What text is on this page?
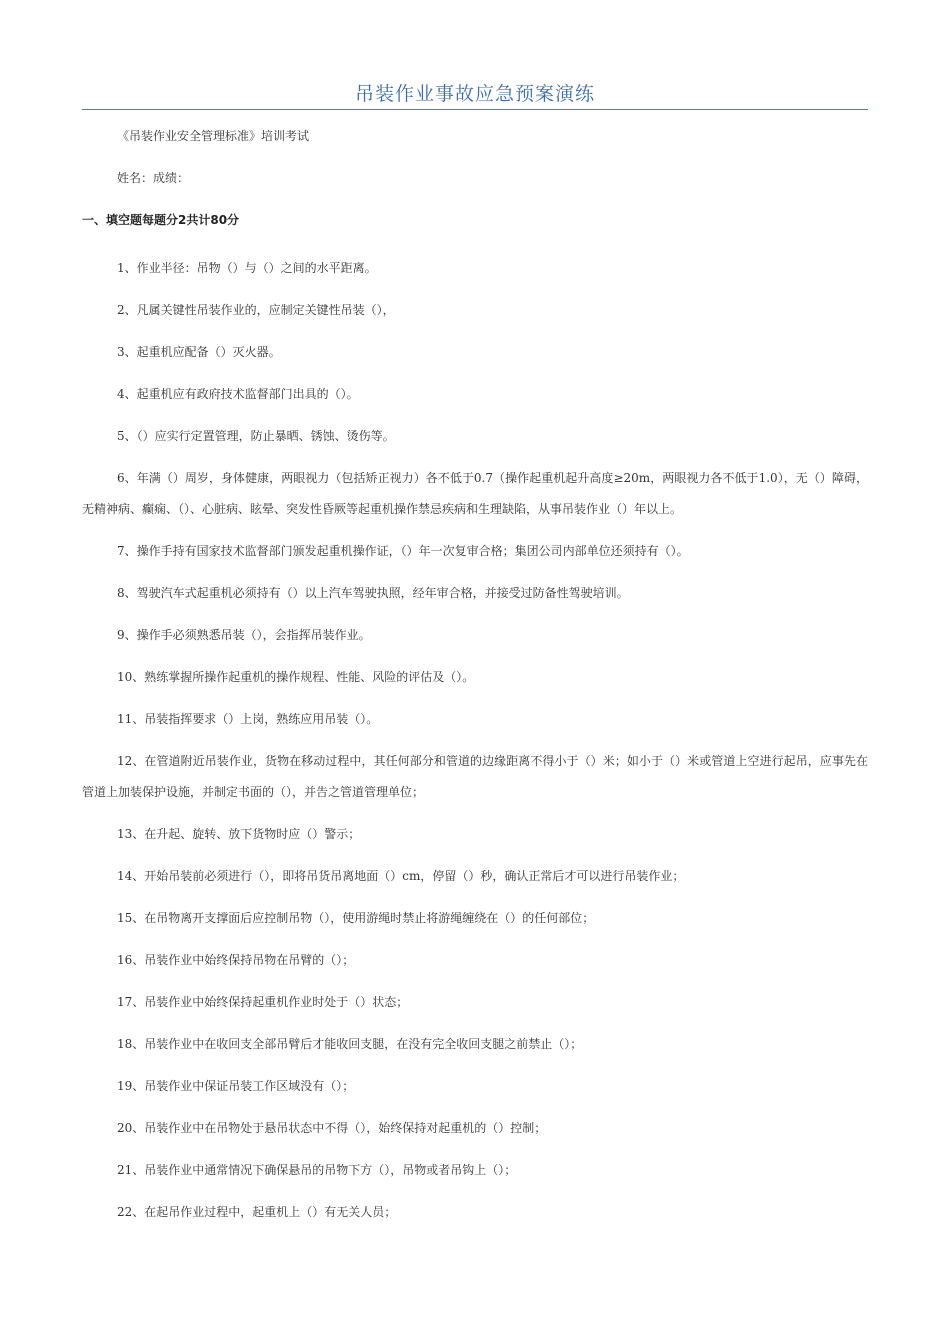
吊装作业事故应急预案演练
《吊装作业安全管理标准》培训考试
姓名：成绩：
一、填空题每题分2共计80分
1、作业半径：吊物（）与（）之间的水平距离。
2、凡属关键性吊装作业的，应制定关键性吊装（），
3、起重机应配备（）灭火器。
4、起重机应有政府技术监督部门出具的（）。
5、（）应实行定置管理，防止暴晒、锈蚀、烫伤等。
6、年满（）周岁，身体健康，两眼视力（包括矫正视力）各不低于0.7（操作起重机起升高度≥20m，两眼视力各不低于1.0），无（）障碍，无精神病、癫痫、（）、心脏病、眩晕、突发性昏厥等起重机操作禁忌疾病和生理缺陷，从事吊装作业（）年以上。
7、操作手持有国家技术监督部门颁发起重机操作证，（）年一次复审合格；集团公司内部单位还须持有（）。
8、驾驶汽车式起重机必须持有（）以上汽车驾驶执照，经年审合格，并接受过防备性驾驶培训。
9、操作手必须熟悉吊装（），会指挥吊装作业。
10、熟练掌握所操作起重机的操作规程、性能、风险的评估及（）。
11、吊装指挥要求（）上岗，熟练应用吊装（）。
12、在管道附近吊装作业，货物在移动过程中，其任何部分和管道的边缘距离不得小于（）米；如小于（）米或管道上空进行起吊，应事先在管道上加装保护设施，并制定书面的（），并告之管道管理单位；
13、在升起、旋转、放下货物时应（）警示；
14、开始吊装前必须进行（），即将吊货吊离地面（）cm，停留（）秒，确认正常后才可以进行吊装作业；
15、在吊物离开支撑面后应控制吊物（），使用游绳时禁止将游绳缠绕在（）的任何部位；
16、吊装作业中始终保持吊物在吊臂的（）；
17、吊装作业中始终保持起重机作业时处于（）状态；
18、吊装作业中在收回支全部吊臂后才能收回支腿，在没有完全收回支腿之前禁止（）；
19、吊装作业中保证吊装工作区域没有（）；
20、吊装作业中在吊物处于悬吊状态中不得（），始终保持对起重机的（）控制；
21、吊装作业中通常情况下确保悬吊的吊物下方（），吊物或者吊钩上（）；
22、在起吊作业过程中，起重机上（）有无关人员；
